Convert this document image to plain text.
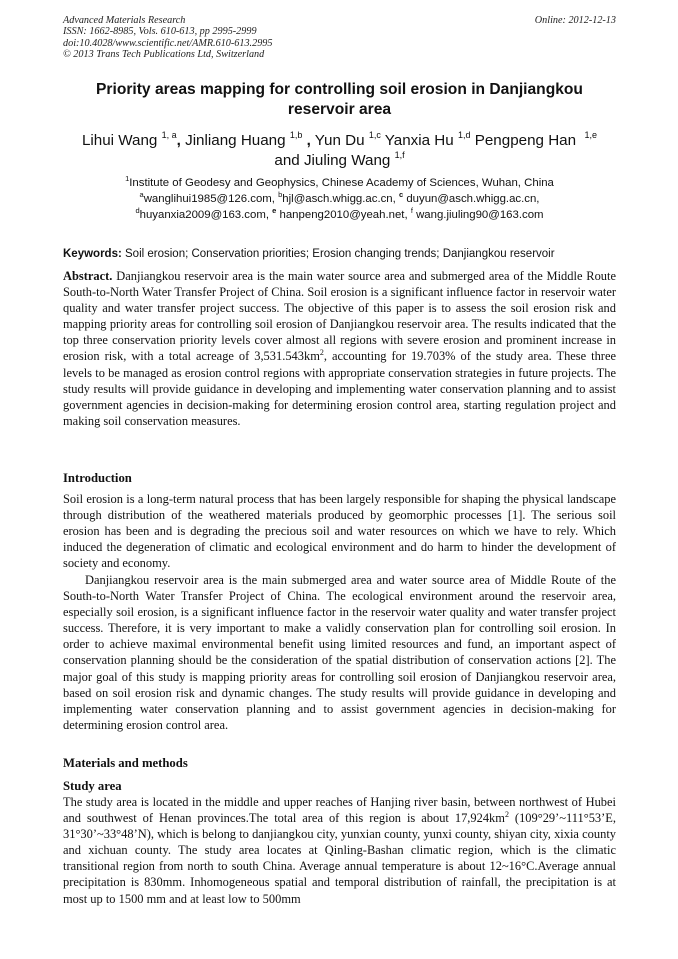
Advanced Materials Research
ISSN: 1662-8985, Vols. 610-613, pp 2995-2999
doi:10.4028/www.scientific.net/AMR.610-613.2995
© 2013 Trans Tech Publications Ltd, Switzerland
Online: 2012-12-13
Priority areas mapping for controlling soil erosion in Danjiangkou reservoir area
Lihui Wang $^{1, a}$, Jinliang Huang $^{1,b}$ , Yun Du $^{1,c}$ Yanxia Hu $^{1,d}$ Pengpeng Han $^{1,e}$
and Jiuling Wang $^{1,f}$
$^1$Institute of Geodesy and Geophysics, Chinese Academy of Sciences, Wuhan, China
$^a$wanglihui1985@126.com, $^b$hjl@asch.whigg.ac.cn, $^c$ duyun@asch.whigg.ac.cn,
$^d$huyanxia2009@163.com, $^e$ hanpeng2010@yeah.net, $^f$ wang.jiuling90@163.com
Keywords: Soil erosion; Conservation priorities; Erosion changing trends; Danjiangkou reservoir

Abstract. Danjiangkou reservoir area is the main water source area and submerged area of the Middle Route South-to-North Water Transfer Project of China. Soil erosion is a significant influence factor in reservoir water quality and water transfer project success. The objective of this paper is to assess the soil erosion risk and mapping priority areas for controlling soil erosion of Danjiangkou reservoir area. The results indicated that the top three conservation priority levels cover almost all regions with severe erosion and prominent increase in erosion risk, with a total acreage of $3,531.543km^2$, accounting for 19.703% of the study area. These three levels to be managed as erosion control regions with appropriate conservation strategies in future projects. The study results will provide guidance in developing and implementing water conservation planning and to assist government agencies in decision-making for determining erosion control area, starting regulation project and making soil conservation measures.

Introduction

Soil erosion is a long-term natural process that has been largely responsible for shaping the physical landscape through distribution of the weathered materials produced by geomorphic processes [1]. The serious soil erosion has been and is degrading the precious soil and water resources on which we have to rely. Which induced the degeneration of climatic and ecological environment and do harm to hinder the development of society and economy.

Danjiangkou reservoir area is the main submerged area and water source area of Middle Route of the South-to-North Water Transfer Project of China. The ecological environment around the reservoir area, especially soil erosion, is a significant influence factor in the reservoir water quality and water transfer project success. Therefore, it is very important to make a validly conservation plan for controlling soil erosion. In order to achieve maximal environmental benefit using limited resources and fund, an important aspect of conservation planning should be the consideration of the spatial distribution of conservation actions [2]. The major goal of this study is mapping priority areas for controlling soil erosion of Danjiangkou reservoir area, based on soil erosion risk and dynamic changes. The study results will provide guidance in developing and implementing water conservation planning and to assist government agencies in decision-making for determining erosion control area.

Materials and methods
Study area

The study area is located in the middle and upper reaches of Hanjing river basin, between northwest of Hubei and southwest of Henan provinces.The total area of this region is about $17,924km^2$ (109°29’~111°53’E, 31°30’~33°48’N), which is belong to danjiangkou city, yunxian county, yunxi county, shiyan city, xixia county and xichuan county. The study area locates at Qinling-Bashan climatic region, which is the climatic transitional region from north to south China. Average annual temperature is about 12~16°C.Average annual precipitation is 830mm. Inhomogeneous spatial and temporal distribution of rainfall, the precipitation is at most up to 1500 mm and at least low to 500mm
